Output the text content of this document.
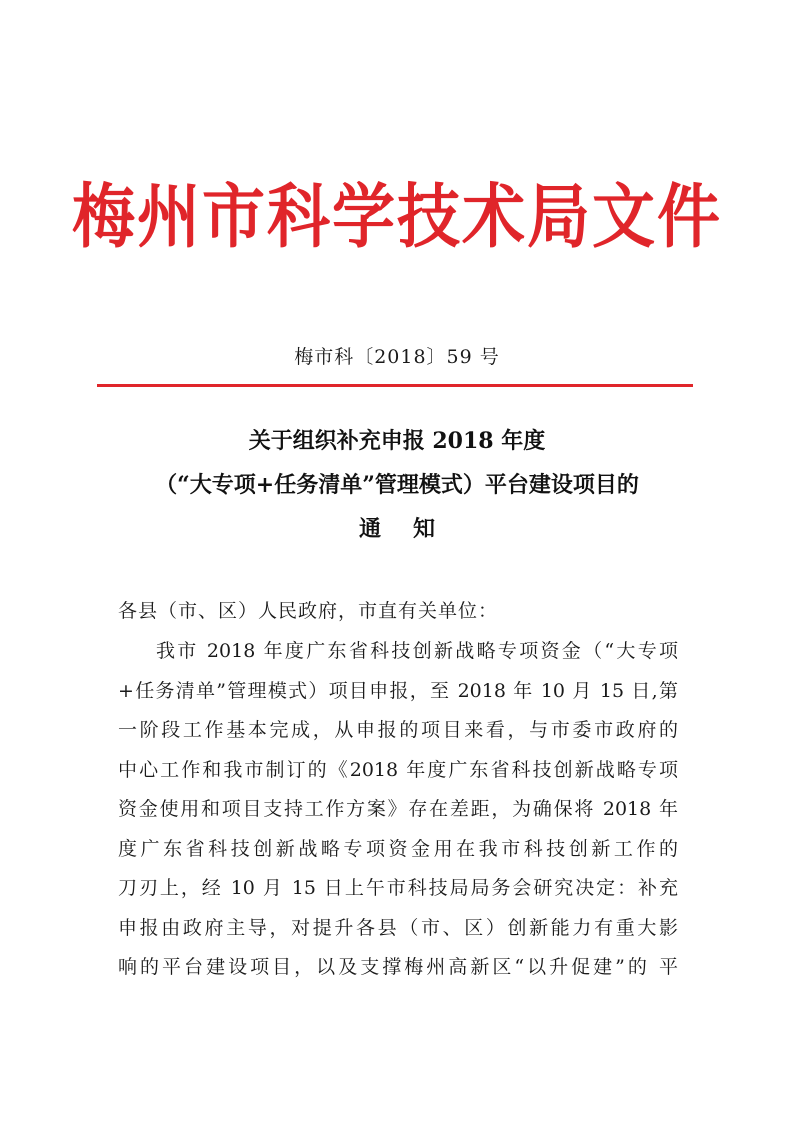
梅州市科学技术局文件
梅市科〔2018〕59 号
关于组织补充申报 2018 年度
（“大专项+任务清单”管理模式）平台建设项目的
通知
各县（市、区）人民政府，市直有关单位：
我市 2018 年度广东省科技创新战略专项资金（“大专项
+任务清单”管理模式）项目申报，至 2018 年 10 月 15 日,第
一阶段工作基本完成，从申报的项目来看，与市委市政府的
中心工作和我市制订的《2018 年度广东省科技创新战略专项
资金使用和项目支持工作方案》存在差距，为确保将 2018 年
度广东省科技创新战略专项资金用在我市科技创新工作的
刀刃上，经 10 月 15 日上午市科技局局务会研究决定：补充
申报由政府主导，对提升各县（市、区）创新能力有重大影
响的平台建设项目，以及支撑梅州高新区“以升促建”的 平
